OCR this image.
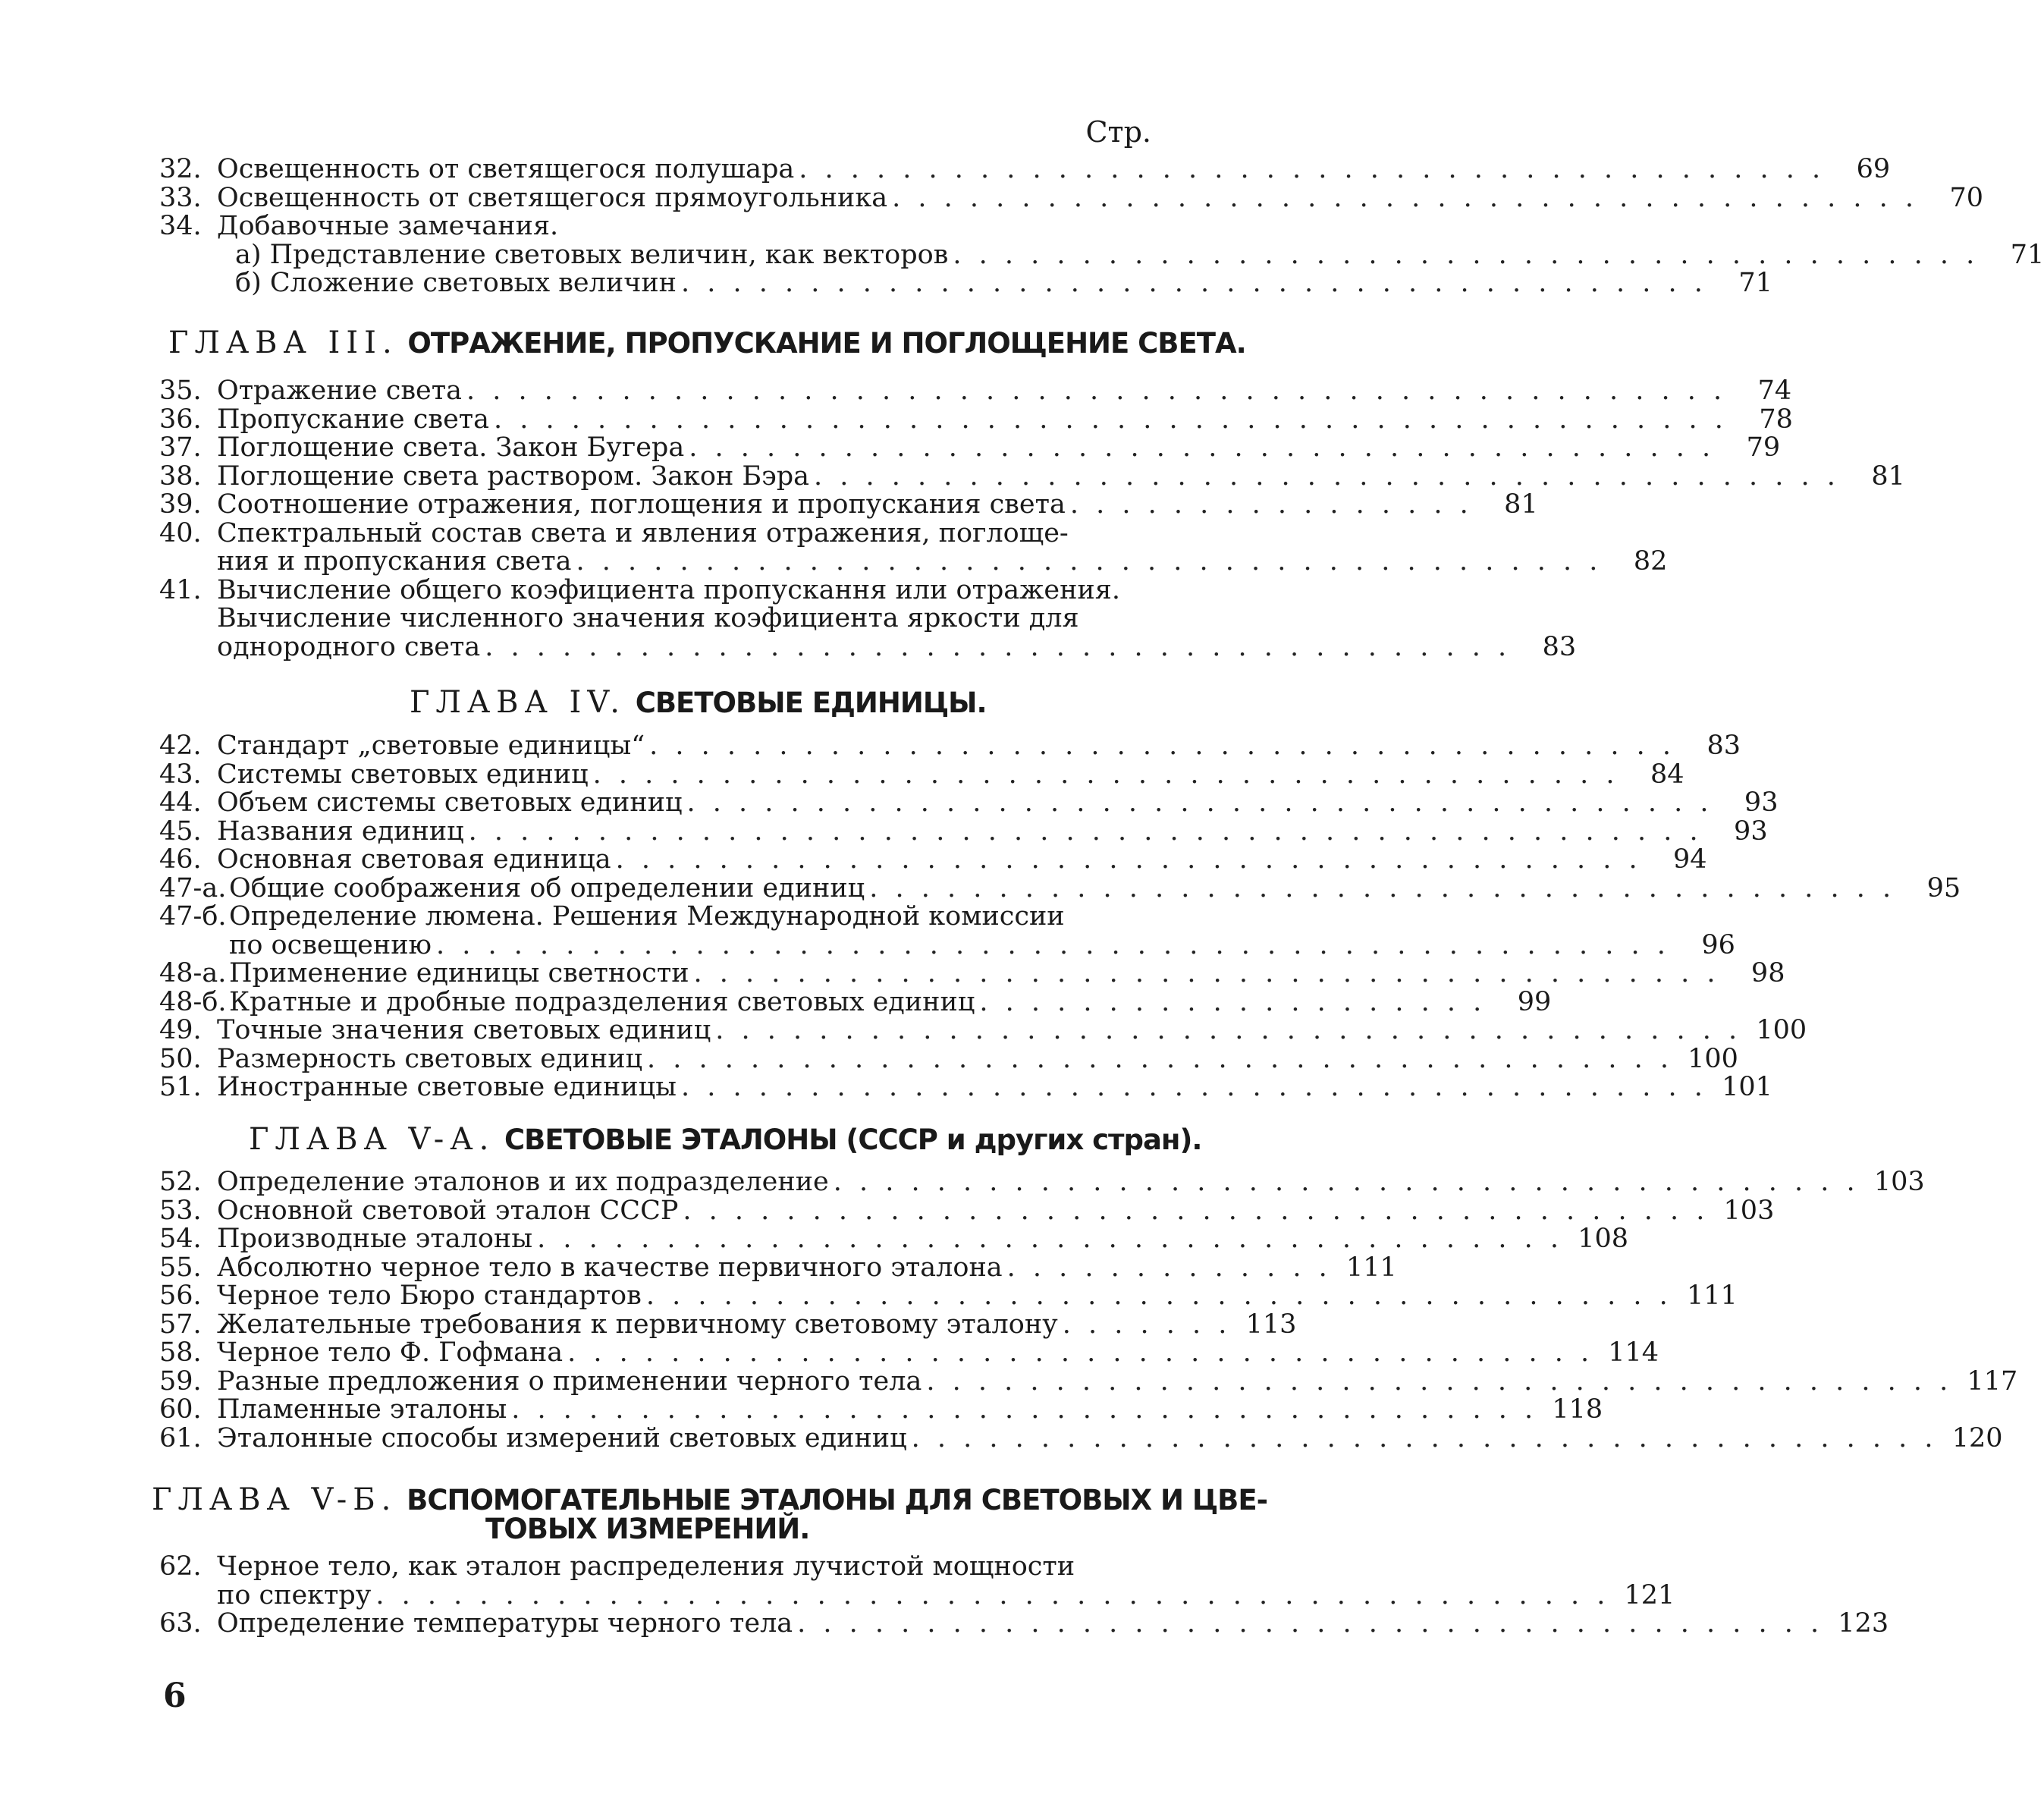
Стр.
32. Освещенность от светящегося полушара . . . . . . . . . . . . . . . . . . . . . . . . . . . . . . . . . . . . . . . .	69
33. Освещенность от светящегося прямоугольника . . . . . . . . . . . . . . . . . . . . . . . . . . . . . . . . . . . . . . . .	70
34. Добавочные замечания.
а) Представление световых величин, как векторов . . . . . . . . . . . . . . . . . . . . . . . . . . . . . . . . . . . . . . . .	71
б) Сложение световых величин . . . . . . . . . . . . . . . . . . . . . . . . . . . . . . . . . . . . . . . .	71
ГЛАВА III. ОТРАЖЕНИЕ, ПРОПУСКАНИЕ И ПОГЛОЩЕНИЕ СВЕТА.
35. Отражение света . . . . . . . . . . . . . . . . . . . . . . . . . . . . . . . . . . . . . . . . . . . . . . . . .	74
36. Пропускание света . . . . . . . . . . . . . . . . . . . . . . . . . . . . . . . . . . . . . . . . . . . . . . . .	78
37. Поглощение света. Закон Бугера . . . . . . . . . . . . . . . . . . . . . . . . . . . . . . . . . . . . . . . .	79
38. Поглощение света раствором. Закон Бэра . . . . . . . . . . . . . . . . . . . . . . . . . . . . . . . . . . . . . . . .	81
39. Соотношение отражения, поглощения и пропускания света . . . . . . . . . . . . . . . .	81
40. Спектральный состав света и явления отражения, поглоще-
ния и пропускания света . . . . . . . . . . . . . . . . . . . . . . . . . . . . . . . . . . . . . . . .	82
41. Вычисление общего коэфициента пропускання или отражения.
Вычисление численного значения коэфициента яркости для
однородного света . . . . . . . . . . . . . . . . . . . . . . . . . . . . . . . . . . . . . . . .	83
ГЛАВА IV. СВЕТОВЫЕ ЕДИНИЦЫ.
42. Стандарт „световые единицы“ . . . . . . . . . . . . . . . . . . . . . . . . . . . . . . . . . . . . . . . .	83
43. Системы световых единиц . . . . . . . . . . . . . . . . . . . . . . . . . . . . . . . . . . . . . . . .	84
44. Объем системы световых единиц . . . . . . . . . . . . . . . . . . . . . . . . . . . . . . . . . . . . . . . .	93
45. Названия единиц . . . . . . . . . . . . . . . . . . . . . . . . . . . . . . . . . . . . . . . . . . . . . . . .	93
46. Основная световая единица . . . . . . . . . . . . . . . . . . . . . . . . . . . . . . . . . . . . . . . .	94
47-а. Общие соображения об определении единиц . . . . . . . . . . . . . . . . . . . . . . . . . . . . . . . . . . . . . . . .	95
47-б. Определение люмена. Решения Международной комиссии
по освещению . . . . . . . . . . . . . . . . . . . . . . . . . . . . . . . . . . . . . . . . . . . . . . . .	96
48-а. Применение единицы светности . . . . . . . . . . . . . . . . . . . . . . . . . . . . . . . . . . . . . . . .	98
48-б. Кратные и дробные подразделения световых единиц . . . . . . . . . . . . . . . . . . . .	99
49. Точные значения световых единиц . . . . . . . . . . . . . . . . . . . . . . . . . . . . . . . . . . . . . . . . 100
50. Размерность световых единиц . . . . . . . . . . . . . . . . . . . . . . . . . . . . . . . . . . . . . . . . 100
51. Иностранные световые единицы . . . . . . . . . . . . . . . . . . . . . . . . . . . . . . . . . . . . . . . . 101
ГЛАВА V-А. СВЕТОВЫЕ ЭТАЛОНЫ (СССР и других стран).
52. Определение эталонов и их подразделение . . . . . . . . . . . . . . . . . . . . . . . . . . . . . . . . . . . . . . . . 103
53. Основной световой эталон СССР . . . . . . . . . . . . . . . . . . . . . . . . . . . . . . . . . . . . . . . . 103
54. Производные эталоны . . . . . . . . . . . . . . . . . . . . . . . . . . . . . . . . . . . . . . . . 108
55. Абсолютно черное тело в качестве первичного эталона . . . . . . . . . . . . . 111
56. Черное тело Бюро стандартов . . . . . . . . . . . . . . . . . . . . . . . . . . . . . . . . . . . . . . . . 111
57. Желательные требования к первичному световому эталону . . . . . . . 113
58. Черное тело Ф. Гофмана . . . . . . . . . . . . . . . . . . . . . . . . . . . . . . . . . . . . . . . . 114
59. Разные предложения о применении черного тела . . . . . . . . . . . . . . . . . . . . . . . . . . . . . . . . . . . . . . . . 117
60. Пламенные эталоны . . . . . . . . . . . . . . . . . . . . . . . . . . . . . . . . . . . . . . . . 118
61. Эталонные способы измерений световых единиц . . . . . . . . . . . . . . . . . . . . . . . . . . . . . . . . . . . . . . . . 120
ГЛАВА V-Б. ВСПОМОГАТЕЛЬНЫЕ ЭТАЛОНЫ ДЛЯ СВЕТОВЫХ И ЦВЕ-
ТОВЫХ ИЗМЕРЕНИЙ.
62. Черное тело, как эталон распределения лучистой мощности
по спектру . . . . . . . . . . . . . . . . . . . . . . . . . . . . . . . . . . . . . . . . . . . . . . . . 121
63. Определение температуры черного тела . . . . . . . . . . . . . . . . . . . . . . . . . . . . . . . . . . . . . . . . 123
6
